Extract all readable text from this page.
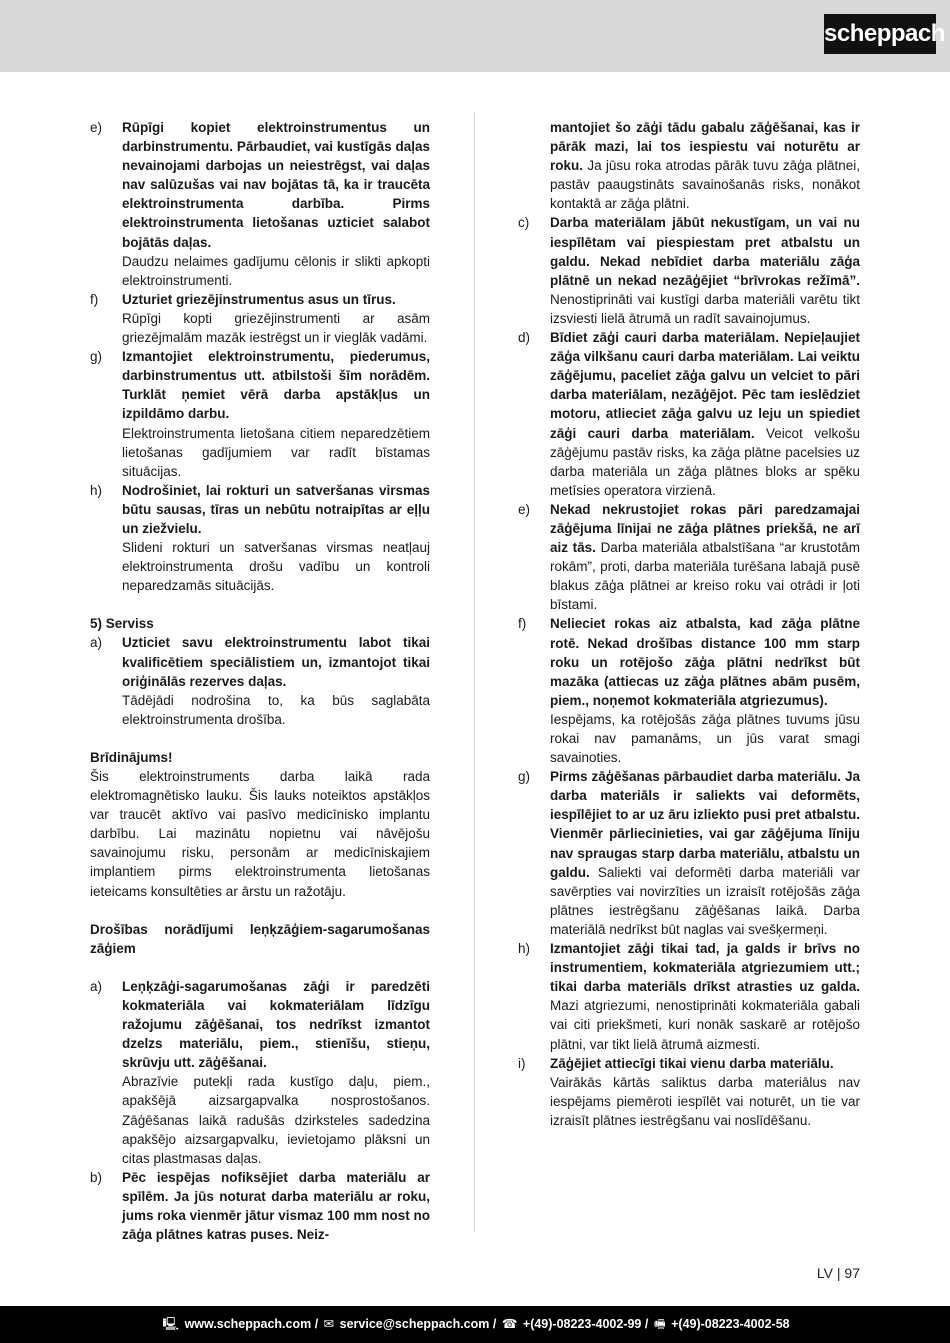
scheppach
e)	Rūpīgi kopiet elektroinstrumentus un darbinstrumentu. Pārbaudiet, vai kustīgās daļas nevainojami darbojas un neiestrēgst, vai daļas nav salūzušas vai nav bojātas tā, ka ir traucēta elektroinstrumenta darbība. Pirms elektroinstrumenta lietošanas uzticiet salabot bojātās daļas.

Daudzu nelaimes gadījumu cēlonis ir slikti apkopti elektroinstrumenti.

f)	Uzturiet griezējinstrumentus asus un tīrus.

Rūpīgi kopti griezējinstrumenti ar asām griezējmalām mazāk iestrēgst un ir vieglāk vadāmi.

g)	Izmantojiet elektroinstrumentu, piederumus, darbinstrumentus utt. atbilstoši šīm norādēm. Turklāt ņemiet vērā darba apstākļus un izpildāmo darbu.

Elektroinstrumenta lietošana citiem neparedzētiem lietošanas gadījumiem var radīt bīstamas situācijas.

h)	Nodrošiniet, lai rokturi un satveršanas virsmas būtu sausas, tīras un nebūtu notraipītas ar eļļu un ziežvielu.

Slideni rokturi un satveršanas virsmas neatļauj elektroinstrumenta drošu vadību un kontroli neparedzamās situācijās.

5) Serviss

a)	Uzticiet savu elektroinstrumentu labot tikai kvalificētiem speciālistiem un, izmantojot tikai oriģinālās rezerves daļas.

Tādējādi nodrošina to, ka būs saglabāta elektroinstrumenta drošība.

Brīdinājums!

Šis elektroinstruments darba laikā rada elektromagnētisko lauku. Šis lauks noteiktos apstākļos var traucēt aktīvo vai pasīvo medicīnisko implantu darbību. Lai mazinātu nopietnu vai nāvējošu savainojumu risku, personām ar medicīniskajiem implantiem pirms elektroinstrumenta lietošanas ieteicams konsultēties ar ārstu un ražotāju.

Drošības norādījumi leņķzāģiem-sagarumošanas zāģiem

a)	Leņķzāģi-sagarumošanas zāģi ir paredzēti kokmateriāla vai kokmateriālam līdzīgu ražojumu zāģēšanai, tos nedrīkst izmantot dzelzs materiālu, piem., stienīšu, stieņu, skrūvju utt. zāģēšanai.

Abrazīvie putekļi rada kustīgo daļu, piem., apakšējā aizsargapvalka nosprostošanos. Zāģēšanas laikā radušās dzirksteles sadedzina apakšējo aizsargapvalku, ievietojamo plāksni un citas plastmasas daļas.

b)	Pēc iespējas nofiksējiet darba materiālu ar spīlēm. Ja jūs noturat darba materiālu ar roku, jums roka vienmēr jātur vismaz 100 mm nost no zāģa plātnes katras puses. Neiz-

mantojiet šo zāģi tādu gabalu zāģēšanai, kas ir pārāk mazi, lai tos iespiestu vai noturētu ar roku. Ja jūsu roka atrodas pārāk tuvu zāģa plātnei, pastāv paaugstināts savainošanās risks, nonākot kontaktā ar zāģa plātni.
c)	Darba materiālam jābūt nekustīgam, un vai nu iespīlētam vai piespiestam pret atbalstu un galdu. Nekad nebīdiet darba materiālu zāģa plātnē un nekad nezāģējiet “brīvrokas režīmā”. Nenostiprināti vai kustīgi darba materiāli varētu tikt izsviesti lielā ātrumā un radīt savainojumus.
d)	Bīdiet zāģi cauri darba materiālam. Nepieļaujiet zāģa vilkšanu cauri darba materiālam. Lai veiktu zāģējumu, paceliet zāģa galvu un velciet to pāri darba materiālam, nezāģējot. Pēc tam ieslēdziet motoru, atlieciet zāģa galvu uz leju un spiediet zāģi cauri darba materiālam. Veicot velkošu zāģējumu pastāv risks, ka zāģa plātne pacelsies uz darba materiāla un zāģa plātnes bloks ar spēku metīsies operatora virzienā.
e)	Nekad nekrustojiet rokas pāri paredzamajai zāģējuma līnijai ne zāģa plātnes priekšā, ne arī aiz tās. Darba materiāla atbalstīšana “ar krustotām rokām”, proti, darba materiāla turēšana labajā pusē blakus zāģa plātnei ar kreiso roku vai otrādi ir ļoti bīstami.
f)	Nelieciet rokas aiz atbalsta, kad zāģa plātne rotē. Nekad drošības distance 100 mm starp roku un rotējošo zāģa plātni nedrīkst būt mazāka (attiecas uz zāģa plātnes abām pusēm, piem., noņemot kokmateriāla atgriezumus).

Iespējams, ka rotējošās zāģa plātnes tuvums jūsu rokai nav pamanāms, un jūs varat smagi savainoties.

g)	Pirms zāģēšanas pārbaudiet darba materiālu. Ja darba materiāls ir saliekts vai deformēts, iespīlējiet to ar uz āru izliekto pusi pret atbalstu. Vienmēr pārliecinieties, vai gar zāģējuma līniju nav spraugas starp darba materiālu, atbalstu un galdu. Saliekti vai deformēti darba materiāli var savērpties vai novirzīties un izraisīt rotējošās zāģa plātnes iestrēgšanu zāģēšanas laikā. Darba materiālā nedrīkst būt naglas vai svešķermeņi.
h)	Izmantojiet zāģi tikai tad, ja galds ir brīvs no instrumentiem, kokmateriāla atgriezumiem utt.; tikai darba materiāls drīkst atrasties uz galda. Mazi atgriezumi, nenostiprināti kokmateriāla gabali vai citi priekšmeti, kuri nonāk saskarē ar rotējošo plātni, var tikt lielā ātrumā aizmesti.
i)	Zāģējiet attiecīgi tikai vienu darba materiālu.

Vairākās kārtās saliktus darba materiālus nav iespējams piemēroti iespīlēt vai noturēt, un tie var izraisīt plātnes iestrēgšanu vai noslīdēšanu.

LV | 97
🖳 www.scheppach.com / ✉ service@scheppach.com / ☎ +(49)-08223-4002-99 / 🖷 +(49)-08223-4002-58
